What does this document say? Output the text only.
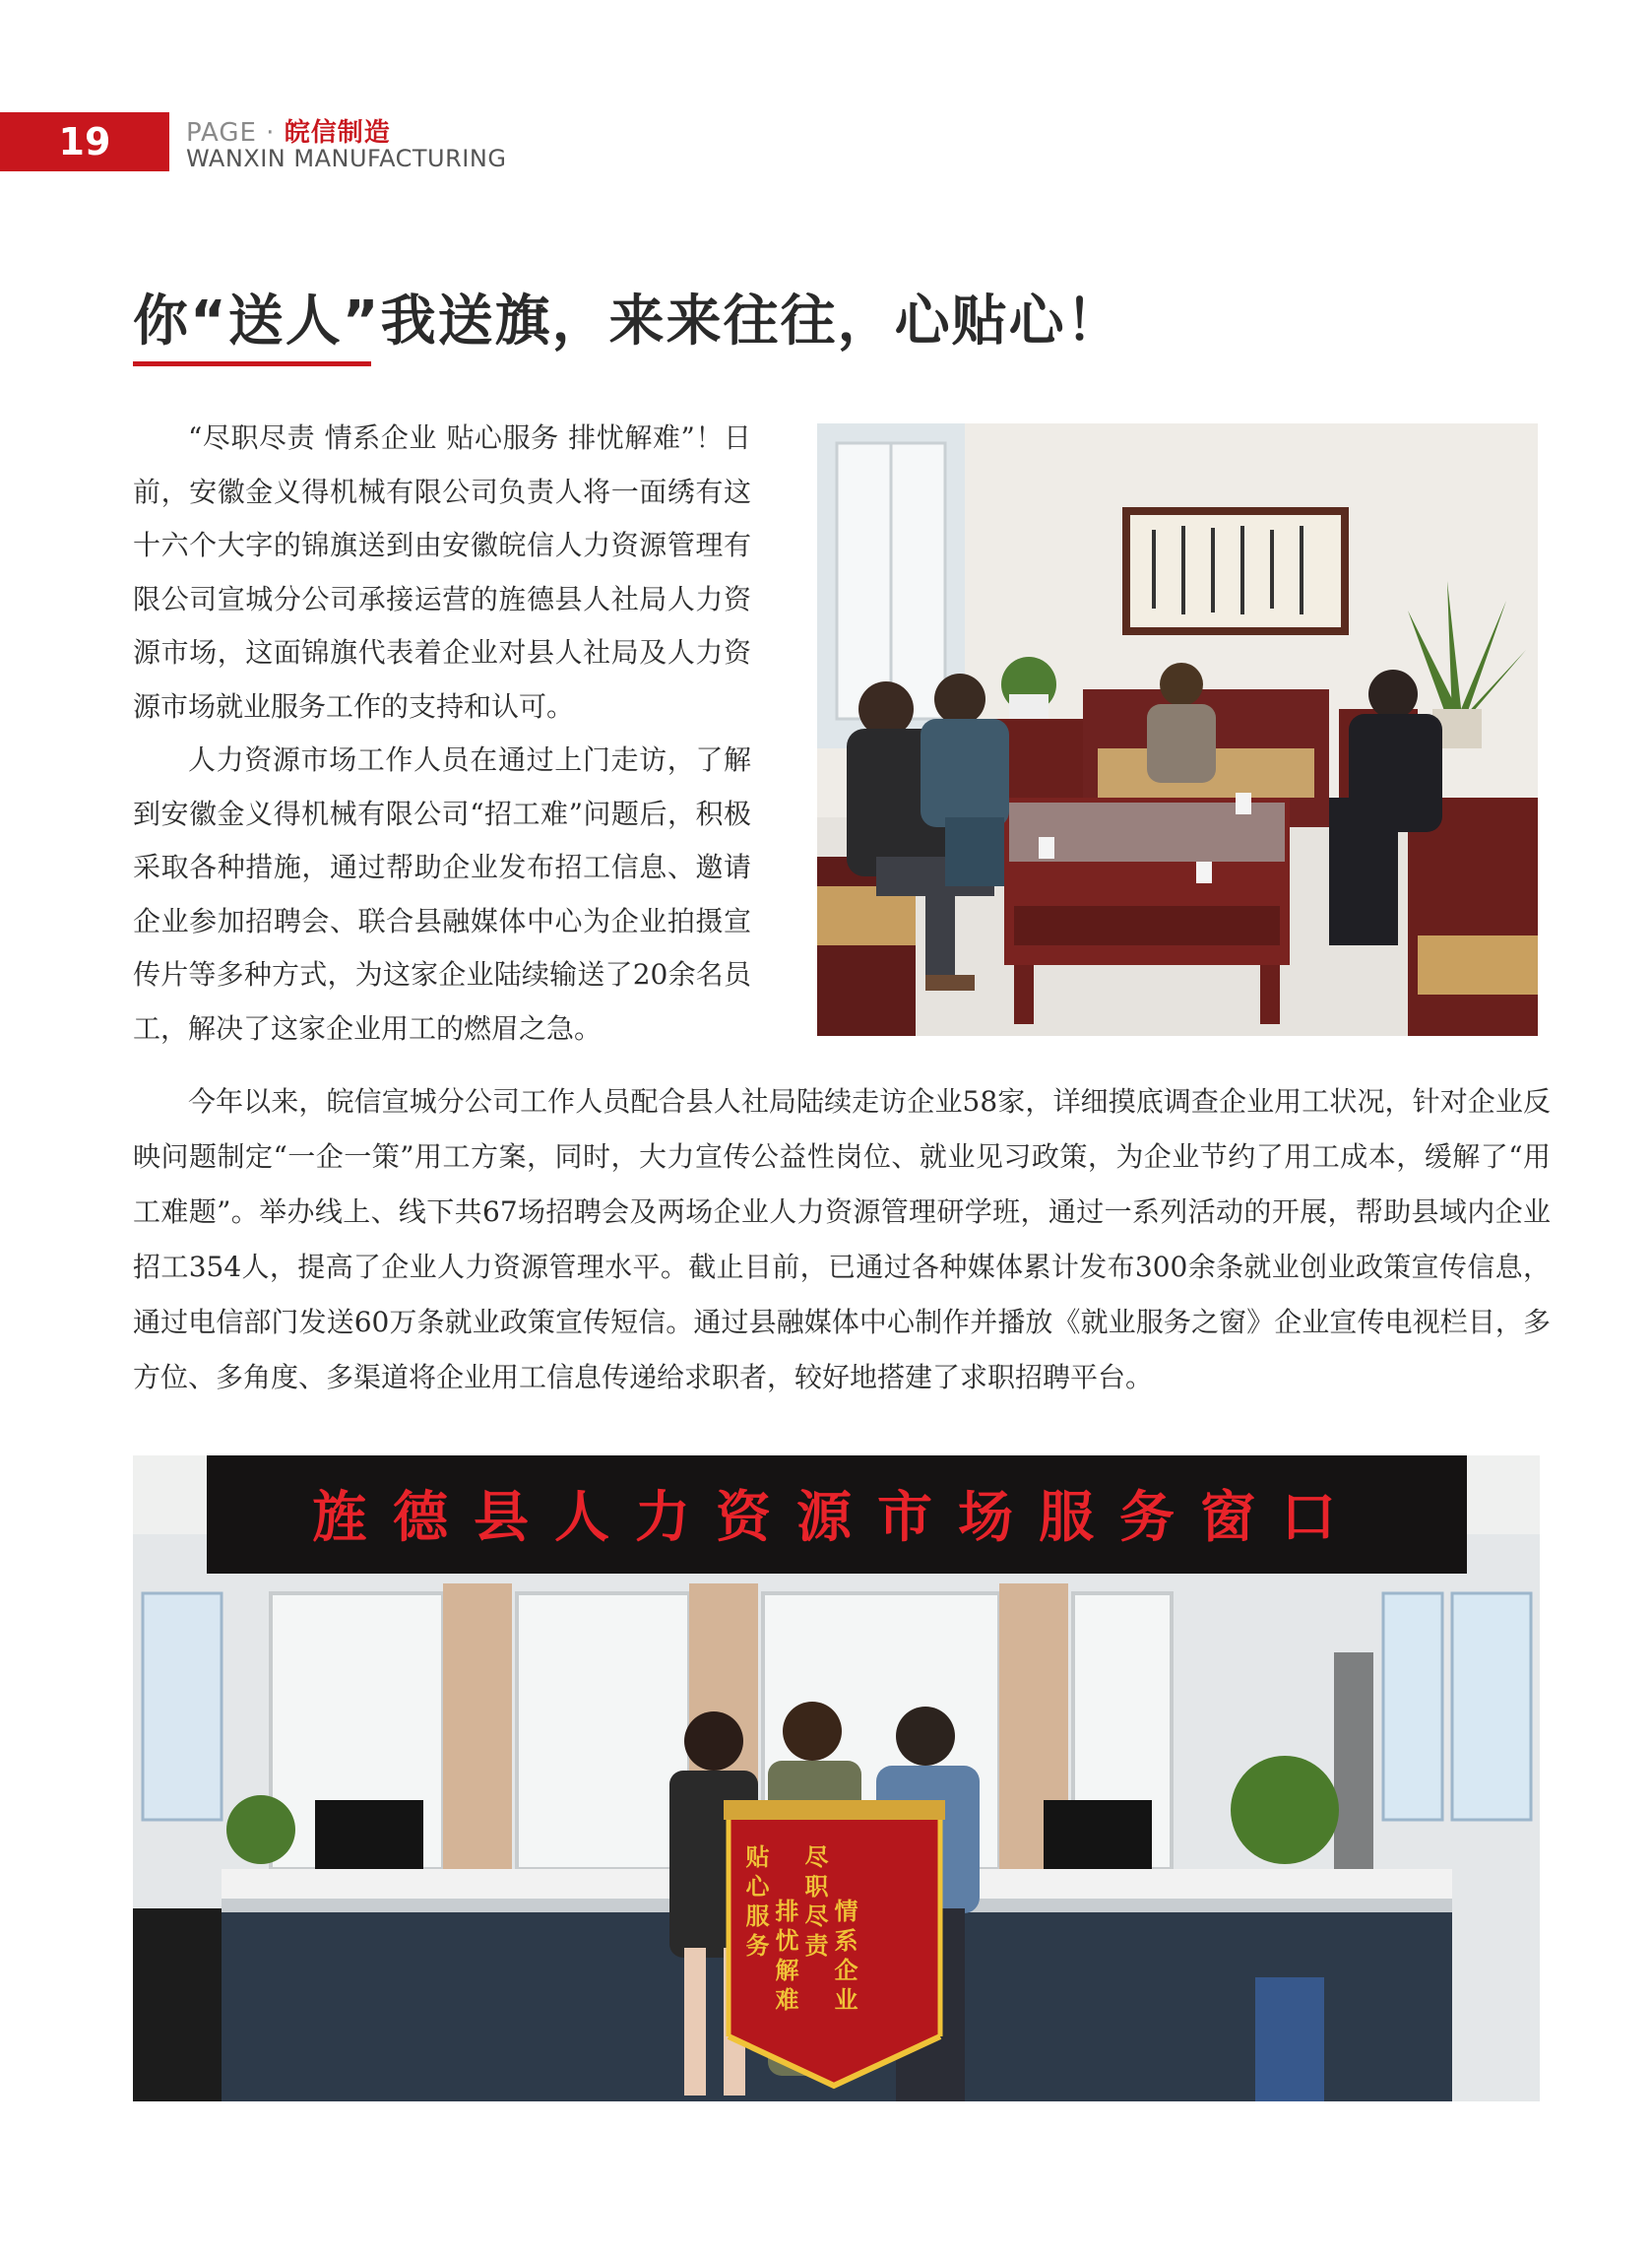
19	PAGE · 皖信制造
WANXIN MANUFACTURING
你“送人”我送旗，来来往往，心贴心！

“尽职尽责 情系企业 贴心服务 排忧解难”！日前，安徽金义得机械有限公司负责人将一面绣有这十六个大字的锦旗送到由安徽皖信人力资源管理有限公司宣城分公司承接运营的旌德县人社局人力资源市场，这面锦旗代表着企业对县人社局及人力资源市场就业服务工作的支持和认可。

人力资源市场工作人员在通过上门走访，了解到安徽金义得机械有限公司“招工难”问题后，积极采取各种措施，通过帮助企业发布招工信息、邀请企业参加招聘会、联合县融媒体中心为企业拍摄宣传片等多种方式，为这家企业陆续输送了20余名员工，解决了这家企业用工的燃眉之急。

今年以来，皖信宣城分公司工作人员配合县人社局陆续走访企业58家，详细摸底调查企业用工状况，针对企业反映问题制定“一企一策”用工方案，同时，大力宣传公益性岗位、就业见习政策，为企业节约了用工成本，缓解了“用工难题”。举办线上、线下共67场招聘会及两场企业人力资源管理研学班，通过一系列活动的开展，帮助县域内企业招工354人，提高了企业人力资源管理水平。截止目前，已通过各种媒体累计发布300余条就业创业政策宣传信息，通过电信部门发送60万条就业政策宣传短信。通过县融媒体中心制作并播放《就业服务之窗》企业宣传电视栏目，多方位、多角度、多渠道将企业用工信息传递给求职者，较好地搭建了求职招聘平台。

旌德县人力资源市场服务窗口
尽职尽责 情系企业
贴心服务 排忧解难
